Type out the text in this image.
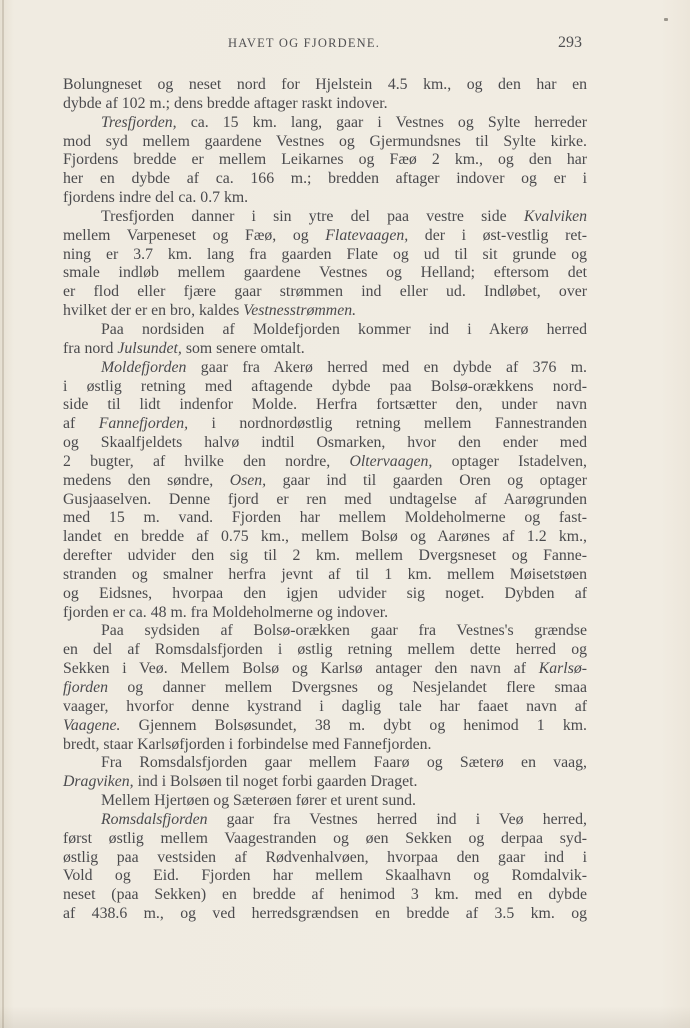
HAVET OG FJORDENE.	293
Bolungneset og neset nord for Hjelstein 4.5 km., og den har en
dybde af 102 m.; dens bredde aftager raskt indover.
Tresfjorden, ca. 15 km. lang, gaar i Vestnes og Sylte herreder
mod syd mellem gaardene Vestnes og Gjermundsnes til Sylte kirke.
Fjordens bredde er mellem Leikarnes og Fæø 2 km., og den har
her en dybde af ca. 166 m.; bredden aftager indover og er i
fjordens indre del ca. 0.7 km.
Tresfjorden danner i sin ytre del paa vestre side Kvalviken
mellem Varpeneset og Fæø, og Flatevaagen, der i øst-vestlig ret-
ning er 3.7 km. lang fra gaarden Flate og ud til sit grunde og
smale indløb mellem gaardene Vestnes og Helland; eftersom det
er flod eller fjære gaar strømmen ind eller ud. Indløbet, over
hvilket der er en bro, kaldes Vestnesstrømmen.
Paa nordsiden af Moldefjorden kommer ind i Akerø herred
fra nord Julsundet, som senere omtalt.
Moldefjorden gaar fra Akerø herred med en dybde af 376 m.
i østlig retning med aftagende dybde paa Bolsø-orækkens nord-
side til lidt indenfor Molde. Herfra fortsætter den, under navn
af Fannefjorden, i nordnordøstlig retning mellem Fannestranden
og Skaalfjeldets halvø indtil Osmarken, hvor den ender med
2 bugter, af hvilke den nordre, Oltervaagen, optager Istadelven,
medens den søndre, Osen, gaar ind til gaarden Oren og optager
Gusjaaselven. Denne fjord er ren med undtagelse af Aarøgrunden
med 15 m. vand. Fjorden har mellem Moldeholmerne og fast-
landet en bredde af 0.75 km., mellem Bolsø og Aarønes af 1.2 km.,
derefter udvider den sig til 2 km. mellem Dvergsneset og Fanne-
stranden og smalner herfra jevnt af til 1 km. mellem Møisetstøen
og Eidsnes, hvorpaa den igjen udvider sig noget. Dybden af
fjorden er ca. 48 m. fra Moldeholmerne og indover.
Paa sydsiden af Bolsø-orækken gaar fra Vestnes's grændse
en del af Romsdalsfjorden i østlig retning mellem dette herred og
Sekken i Veø. Mellem Bolsø og Karlsø antager den navn af Karlsø-
fjorden og danner mellem Dvergsnes og Nesjelandet flere smaa
vaager, hvorfor denne kystrand i daglig tale har faaet navn af
Vaagene. Gjennem Bolsøsundet, 38 m. dybt og henimod 1 km.
bredt, staar Karlsøfjorden i forbindelse med Fannefjorden.
Fra Romsdalsfjorden gaar mellem Faarø og Sæterø en vaag,
Dragviken, ind i Bolsøen til noget forbi gaarden Draget.
Mellem Hjertøen og Sæterøen fører et urent sund.
Romsdalsfjorden gaar fra Vestnes herred ind i Veø herred,
først østlig mellem Vaagestranden og øen Sekken og derpaa syd-
østlig paa vestsiden af Rødvenhalvøen, hvorpaa den gaar ind i
Vold og Eid. Fjorden har mellem Skaalhavn og Romdalvik-
neset (paa Sekken) en bredde af henimod 3 km. med en dybde
af 438.6 m., og ved herredsgrændsen en bredde af 3.5 km. og
